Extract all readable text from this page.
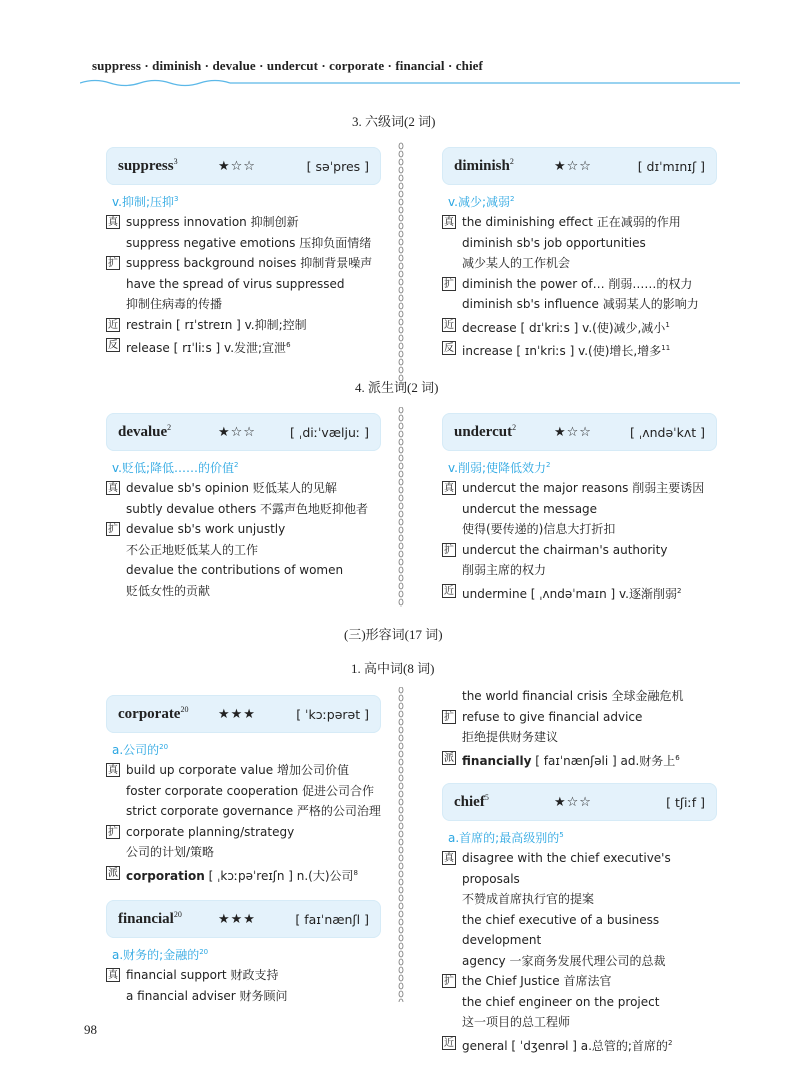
suppress · diminish · devalue · undercut · corporate · financial · chief
3. 六级词(2 词)
4. 派生词(2 词)
(三)形容词(17 词)
1. 高中词(8 词)
suppress$^3$	★☆☆	[ səˈpres ]
v.抑制;压抑$^3$
真 suppress innovation 抑制创新
suppress negative emotions 压抑负面情绪
扩 suppress background noises 抑制背景噪声
have the spread of virus suppressed
抑制住病毒的传播
近 restrain [ rɪˈstreɪn ] v.抑制;控制
反 release [ rɪˈliːs ] v.发泄;宣泄$^6$
diminish$^2$	★☆☆	[ dɪˈmɪnɪʃ ]
v.减少;减弱$^2$
真 the diminishing effect 正在减弱的作用
diminish sb's job opportunities
减少某人的工作机会
扩 diminish the power of… 削弱……的权力
diminish sb's influence 减弱某人的影响力
近 decrease [ dɪˈkriːs ] v.(使)减少,减小$^1$
反 increase [ ɪnˈkriːs ] v.(使)增长,增多$^{11}$
devalue$^2$	★☆☆	[ ˌdiːˈvæljuː ]
v.贬低;降低……的价值$^2$
真 devalue sb's opinion 贬低某人的见解
subtly devalue others 不露声色地贬抑他者
扩 devalue sb's work unjustly
不公正地贬低某人的工作
devalue the contributions of women
贬低女性的贡献
undercut$^2$	★☆☆	[ ˌʌndəˈkʌt ]
v.削弱;使降低效力$^2$
真 undercut the major reasons 削弱主要诱因
undercut the message
使得(要传递的)信息大打折扣
扩 undercut the chairman's authority
削弱主席的权力
近 undermine [ ˌʌndəˈmaɪn ] v.逐渐削弱$^2$
corporate$^{20}$ ★★★	[ ˈkɔːpərət ]
a.公司的$^{20}$
真 build up corporate value 增加公司价值
foster corporate cooperation 促进公司合作
strict corporate governance 严格的公司治理
扩 corporate planning/strategy
公司的计划/策略
派 corporation [ ˌkɔːpəˈreɪʃn ] n.(大)公司$^8$
financial$^{20}$	★★★	[ faɪˈnænʃl ]
a.财务的;金融的$^{20}$
真 financial support 财政支持
a financial adviser 财务顾问
the world financial crisis 全球金融危机
扩 refuse to give financial advice
拒绝提供财务建议
派 financially [ faɪˈnænʃəli ] ad.财务上$^6$
chief$^5$	★☆☆	[ tʃiːf ]
a.首席的;最高级别的$^5$
真 disagree with the chief executive's proposals
不赞成首席执行官的提案
the chief executive of a business development
agency 一家商务发展代理公司的总裁
扩 the Chief Justice 首席法官
the chief engineer on the project
这一项目的总工程师
近 general [ ˈdʒenrəl ] a.总管的;首席的$^2$
98
